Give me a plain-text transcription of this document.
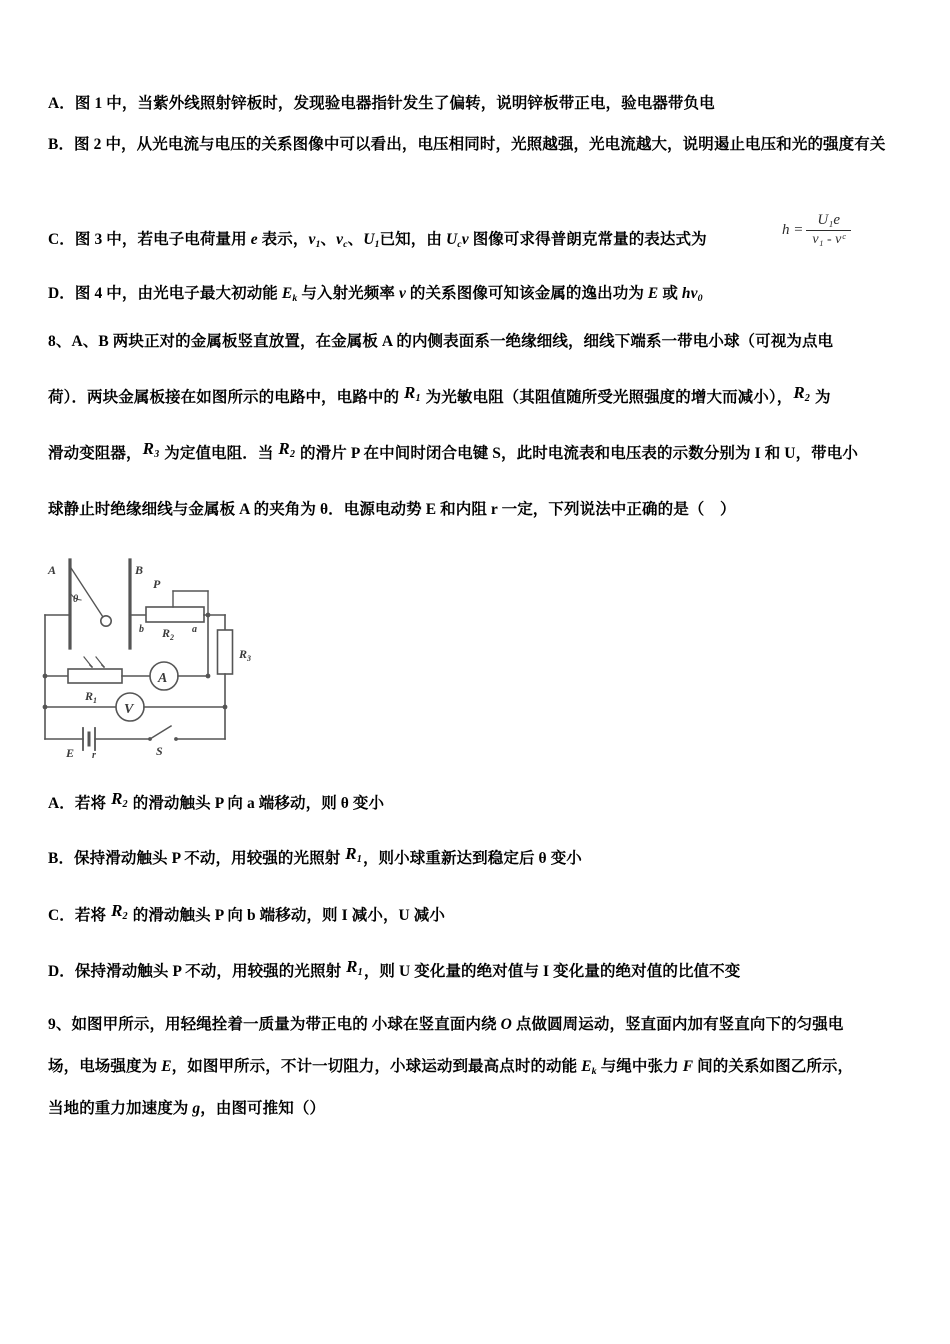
A．图 1 中，当紫外线照射锌板时，发现验电器指针发生了偏转，说明锌板带正电，验电器带负电
B．图 2 中，从光电流与电压的关系图像中可以看出，电压相同时，光照越强，光电流越大，说明遏止电压和光的强度有关
C．图 3 中，若电子电荷量用 e 表示，$v_1$、$v_c$、$U_1$已知，由 $U_cv$ 图像可求得普朗克常量的表达式为
$h = \frac{\text{U₁e}}{\text{v₁ - vᶜ}}$
D．图 4 中，由光电子最大初动能 $E_k$ 与入射光频率 v 的关系图像可知该金属的逸出功为 E 或 $hv_0$
8、A、B 两块正对的金属板竖直放置，在金属板 A 的内侧表面系一绝缘细线，细线下端系一带电小球（可视为点电
荷）．两块金属板接在如图所示的电路中，电路中的 $R_1$ 为光敏电阻（其阻值随所受光照强度的增大而减小），$R_2$ 为
滑动变阻器，$R_3$ 为定值电阻．当 $R_2$ 的滑片 P 在中间时闭合电键 S，此时电流表和电压表的示数分别为 I 和 U，带电小
球静止时绝缘细线与金属板 A 的夹角为 θ．电源电动势 E 和内阻 r 一定，下列说法中正确的是（　）
A	B
θ
P
b	a
$R_2$
$R_1$
$R_3$
A
V
E r	S
A．若将 $R_2$ 的滑动触头 P 向 a 端移动，则 θ 变小
B．保持滑动触头 P 不动，用较强的光照射 $R_1$，则小球重新达到稳定后 θ 变小
C．若将 $R_2$ 的滑动触头 P 向 b 端移动，则 I 减小，U 减小
D．保持滑动触头 P 不动，用较强的光照射 $R_1$，则 U 变化量的绝对值与 I 变化量的绝对值的比值不变
9、如图甲所示，用轻绳拴着一质量为带正电的 小球在竖直面内绕 O 点做圆周运动，竖直面内加有竖直向下的匀强电
场，电场强度为 E，如图甲所示，不计一切阻力，小球运动到最高点时的动能 $E_k$ 与绳中张力 F 间的关系如图乙所示，
当地的重力加速度为 g，由图可推知（）
